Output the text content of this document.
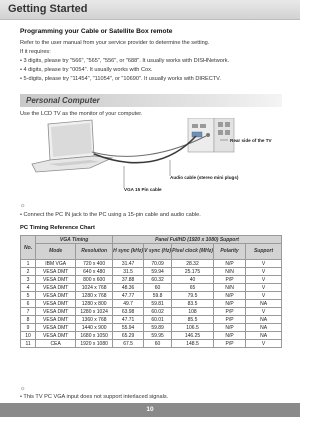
Getting Started
Programming your Cable or Satellite Box remote
Refer to the user manual from your service provider to determine the setting.
If it requires:
• 3 digits, please try "566", "565", "556", or "688". It usually works with DISHNetwork.
• 4 digits, please try "0054". It usually works with Cox.
• 5-digits, please try "11454", "11054", or "10690". It usually works with DIRECTV.
Personal Computer
Use the LCD TV as the monitor of your computer.
Rear side of the TV
Audio cable (stereo mini plugs)
VGA 15 Pin cable
☼
• Connect the PC IN jack to the PC using a 15-pin cable and audio cable.
PC Timing Reference Chart
No.	VGA Timing		Panel FullHD (1920 x 1080) Support				
	Mode	Resolution	H sync (kHz)	V sync (Hz)	Pixel clock (MHz)	Polarity	Support
1	IBM VGA	720 x 400	31.47	70.09	28.32	N/P	V
2	VESA DMT	640 x 480	31.5	59.94	25.175	N/N	V
3	VESA DMT	800 x 600	37.88	60.32	40	P/P	V
4	VESA DMT	1024 x 768	48.36	60	65	N/N	V
5	VESA DMT	1280 x 768	47.77	59.8	79.5	N/P	V
6	VESA DMT	1280 x 800	49.7	59.81	83.5	N/P	NA
7	VESA DMT	1280 x 1024	63.98	60.02	108	P/P	V
8	VESA DMT	1360 x 768	47.71	60.01	85.5	P/P	NA
9	VESA DMT	1440 x 900	55.94	59.89	106.5	N/P	NA
10	VESA DMT	1680 x 1050	65.29	59.95	146.25	N/P	NA
11	CEA	1920 x 1080	67.5	60	148.5	P/P	V
☼
• This TV PC VGA input does not support interlaced signals.
10
